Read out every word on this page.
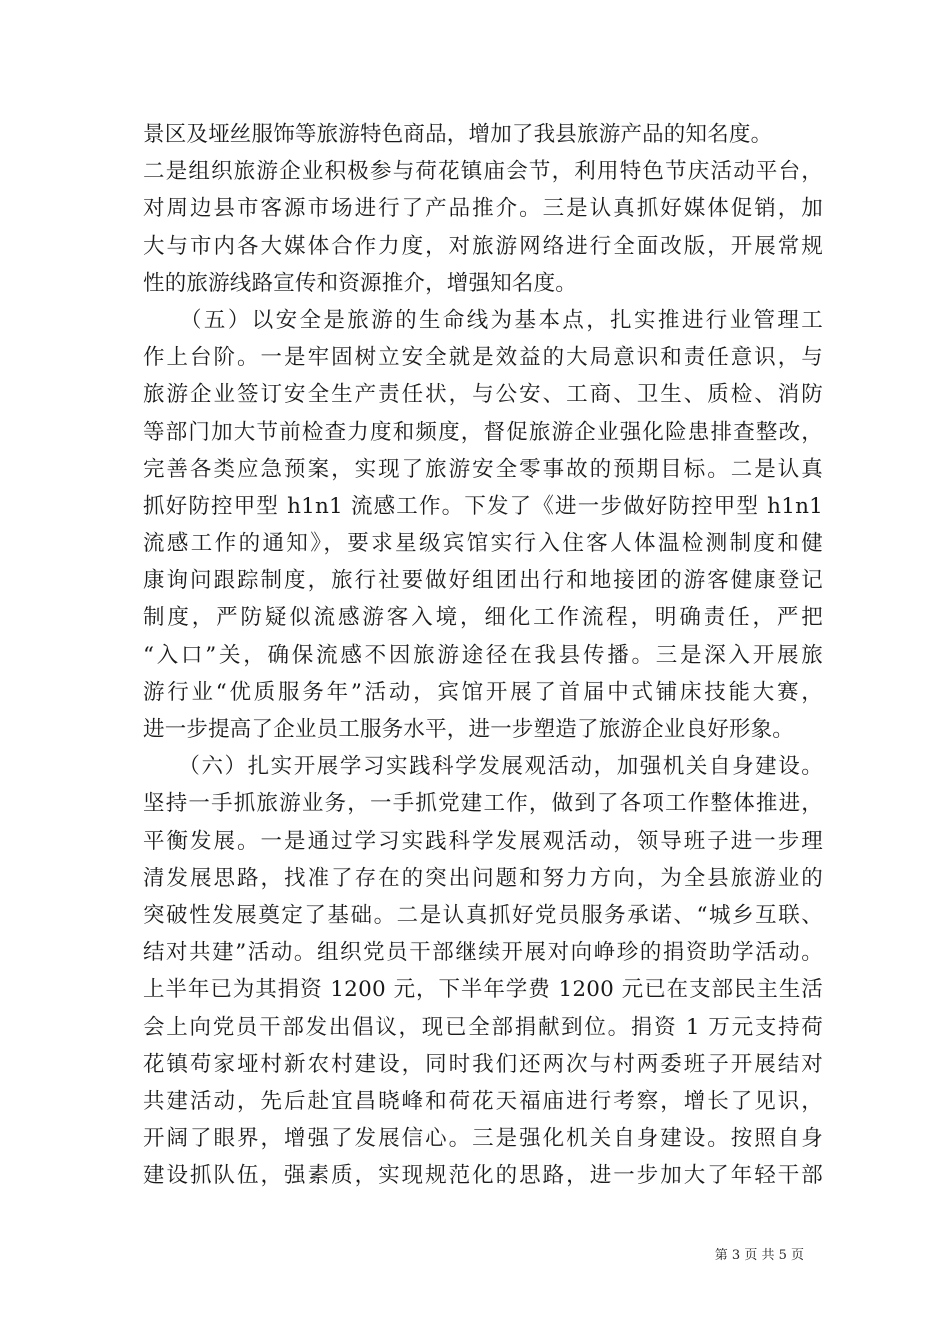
景区及垭丝服饰等旅游特色商品，增加了我县旅游产品的知名度。
二是组织旅游企业积极参与荷花镇庙会节，利用特色节庆活动平台，
对周边县市客源市场进行了产品推介。三是认真抓好媒体促销，加
大与市内各大媒体合作力度，对旅游网络进行全面改版，开展常规
性的旅游线路宣传和资源推介，增强知名度。
　　（五）以安全是旅游的生命线为基本点，扎实推进行业管理工
作上台阶。一是牢固树立安全就是效益的大局意识和责任意识，与
旅游企业签订安全生产责任状，与公安、工商、卫生、质检、消防
等部门加大节前检查力度和频度，督促旅游企业强化险患排查整改，
完善各类应急预案，实现了旅游安全零事故的预期目标。二是认真
抓好防控甲型 h1n1 流感工作。下发了《进一步做好防控甲型 h1n1
流感工作的通知》，要求星级宾馆实行入住客人体温检测制度和健
康询问跟踪制度，旅行社要做好组团出行和地接团的游客健康登记
制度，严防疑似流感游客入境，细化工作流程，明确责任，严把
“入口”关，确保流感不因旅游途径在我县传播。三是深入开展旅
游行业“优质服务年”活动，宾馆开展了首届中式铺床技能大赛，
进一步提高了企业员工服务水平，进一步塑造了旅游企业良好形象。
　　（六）扎实开展学习实践科学发展观活动，加强机关自身建设。
坚持一手抓旅游业务，一手抓党建工作，做到了各项工作整体推进，
平衡发展。一是通过学习实践科学发展观活动，领导班子进一步理
清发展思路，找准了存在的突出问题和努力方向，为全县旅游业的
突破性发展奠定了基础。二是认真抓好党员服务承诺、“城乡互联、
结对共建”活动。组织党员干部继续开展对向峥珍的捐资助学活动。
上半年已为其捐资 1200 元，下半年学费 1200 元已在支部民主生活
会上向党员干部发出倡议，现已全部捐献到位。捐资 1 万元支持荷
花镇苟家垭村新农村建设，同时我们还两次与村两委班子开展结对
共建活动，先后赴宜昌晓峰和荷花天福庙进行考察，增长了见识，
开阔了眼界，增强了发展信心。三是强化机关自身建设。按照自身
建设抓队伍，强素质，实现规范化的思路，进一步加大了年轻干部
第 3 页 共 5 页
